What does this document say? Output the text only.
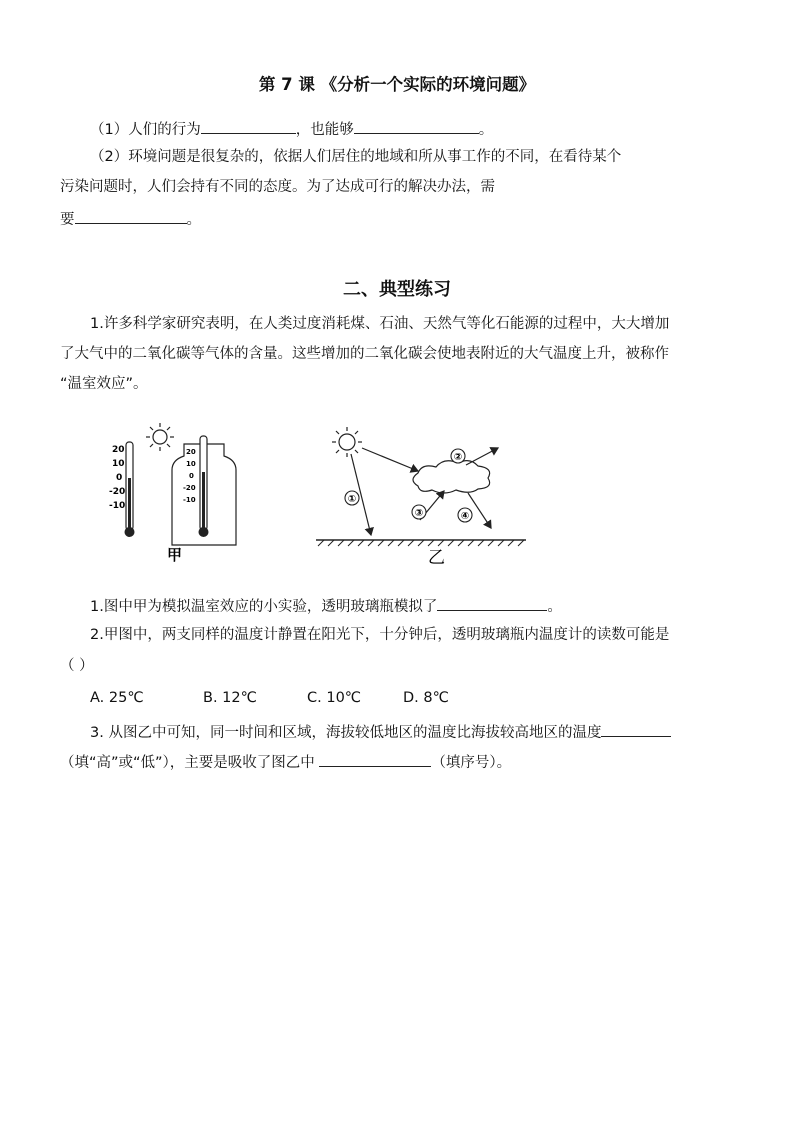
第 7 课 《分析一个实际的环境问题》
（1）人们的行为	，也能够	。
（2）环境问题是很复杂的，依据人们居住的地域和所从事工作的不同，在看待某个
污染问题时，人们会持有不同的态度。为了达成可行的解决办法，需
要	。
二、典型练习
1.许多科学家研究表明，在人类过度消耗煤、石油、天然气等化石能源的过程中，大大增加
了大气中的二氧化碳等气体的含量。这些增加的二氧化碳会使地表附近的大气温度上升，被称作
“温室效应”。
20
10
0
-20
-10
20
10
0
-20
-10
甲
①
②
③	④
乙
1.图中甲为模拟温室效应的小实验，透明玻璃瓶模拟了	。
2.甲图中，两支同样的温度计静置在阳光下，十分钟后，透明玻璃瓶内温度计的读数可能是
（ ）
A. 25℃	B. 12℃	C. 10℃	D. 8℃
3. 从图乙中可知，同一时间和区域，海拔较低地区的温度比海拔较高地区的温度
（填“高”或“低”），主要是吸收了图乙中	（填序号）。
